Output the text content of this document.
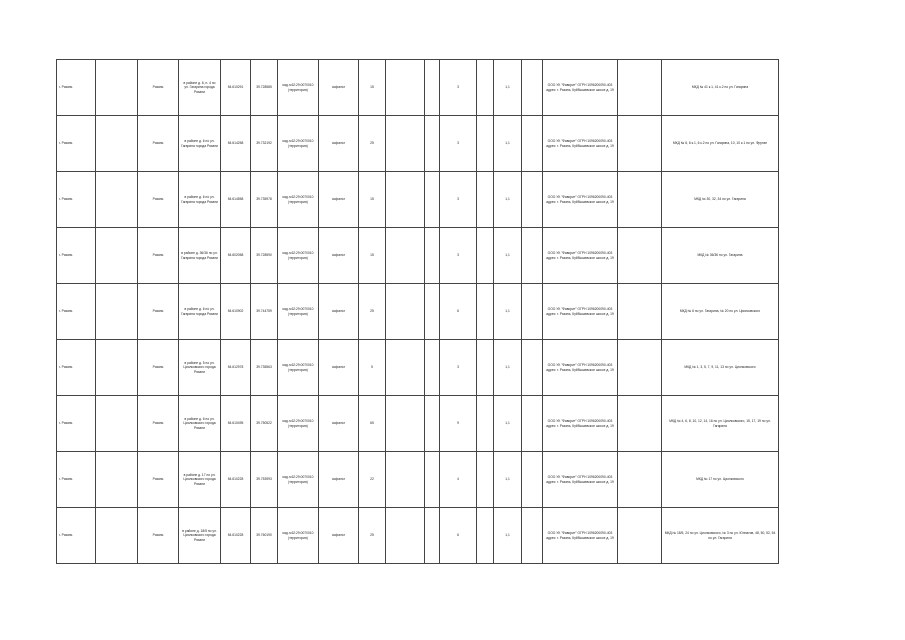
г. Рязань		Рязань	в районе д. 6, п. 4 по ул. Гагарина города Рязани	54.610291	39.728585	кад.н.62:29:0070010 (территория)	асфальт	15			3		1,1		ООО УК "Фаворит" ОГРН 1096200090-403 адрес: г. Рязань, Куйбышевское шоссе д. 19		МКД № 41 к.1, 41 к.2 по ул. Гагарина
г. Рязань		Рязань	в районе д. 6 по ул. Гагарина города Рязани	54.614258	39.732192	кад.н.62:29:0070010 (территория)	асфальт	25			3		1,1		ООО УК "Фаворит" ОГРН 1096200090-403 адрес: г. Рязань, Куйбышевское шоссе д. 19		МКД № 6, 6 к.1, 6 к.2 по ул. Гагарина, 10, 10 к.1 по ул. Фрунзе
г. Рязань		Рязань	в районе д. 6 по ул. Гагарина города Рязани	54.614558	39.735978	кад.н.62:29:0070010 (территория)	асфальт	15			3		1,1		ООО УК "Фаворит" ОГРН 1096200090-403 адрес: г. Рязань, Куйбышевское шоссе д. 19		МКД № 30, 32, 34 по ул. Гагарина
г. Рязань		Рязань	в районе д. 36/36 по ул. Гагарина города Рязани	54.602058	39.728590	кад.н.62:29:0070010 (территория)	асфальт	15			3		1,1		ООО УК "Фаворит" ОГРН 1096200090-403 адрес: г. Рязань, Куйбышевское шоссе д. 19		МКД № 36/36 по ул. Гагарина
г. Рязань		Рязань	в районе д. 6 по ул. Гагарина города Рязани	54.610902	39.744759	кад.н.62:29:0070010 (территория)	асфальт	25			6		1,1		ООО УК "Фаворит" ОГРН 1096200090-403 адрес: г. Рязань, Куйбышевское шоссе д. 19		МКД № 6 по ул. Гагарина, № 20 по ул. Циолковского
г. Рязань		Рязань	в районе д. 5 по ул. Циолковского города Рязани	54.612978	39.735563	кад.н.62:29:0070010 (территория)	асфальт	5			3		1,1		ООО УК "Фаворит" ОГРН 1096200090-403 адрес: г. Рязань, Куйбышевское шоссе д. 19		МКД № 1, 3, 5, 7, 9, 11, 13 по ул. Циолковского
г. Рязань		Рязань	в районе д. 6 по ул. Циолковского города Рязани	54.610495	39.750522	кад.н.62:29:0070010 (территория)	асфальт	65			9		1,1		ООО УК "Фаворит" ОГРН 1096200090-403 адрес: г. Рязань, Куйбышевское шоссе д. 19		МКД № 4, 6, 8, 10, 12, 14, 16 по ул. Циолковского, 15, 17, 19 по ул. Гагарина
г. Рязань		Рязань	в районе д. 17 по ул. Циолковского города Рязани	54.610228	39.753993	кад.н.62:29:0070010 (территория)	асфальт	22			4		1,1		ООО УК "Фаворит" ОГРН 1096200090-403 адрес: г. Рязань, Куйбышевское шоссе д. 19		МКД № 17 по ул. Циолковского
г. Рязань		Рязань	в районе д. 18/5 по ул. Циолковского города Рязани	54.610228	39.760190	кад.н.62:29:0070010 (территория)	асфальт	25			6		1,1		ООО УК "Фаворит" ОГРН 1096200090-403 адрес: г. Рязань, Куйбышевское шоссе д. 19		МКД № 18/5, 24 по ул. Циолковского, № 3 по ул. Юннатов, 48, 50, 52, 54 по ул. Гагарина
